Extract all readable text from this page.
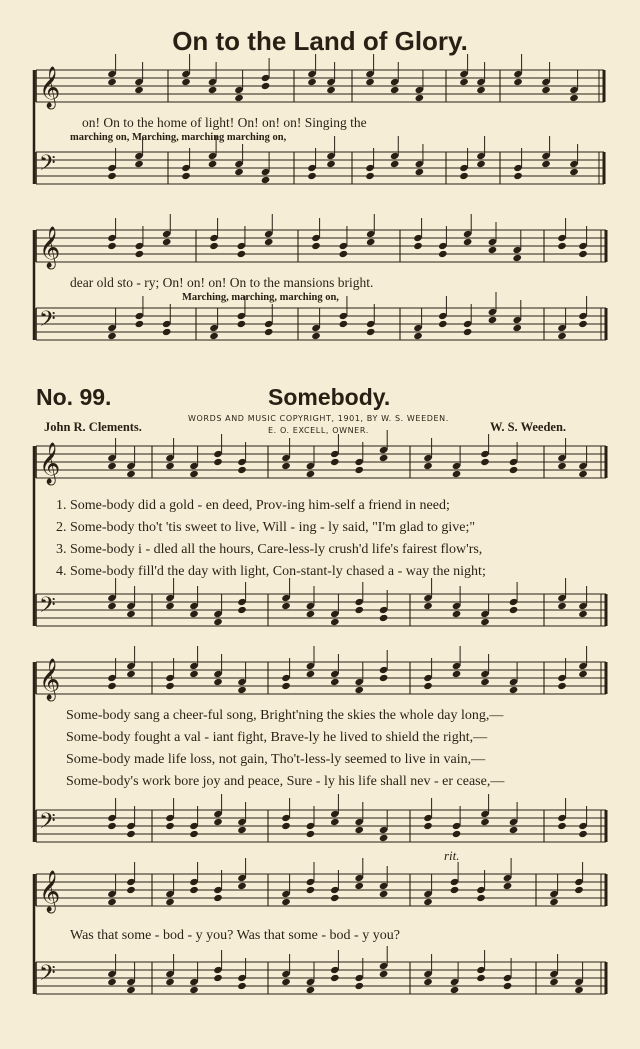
𝄞
𝄢
𝄞
𝄢
𝄞
𝄢
𝄞
𝄢
𝄞
𝄢
On to the Land of Glory.
marching on, Marching, marching marching on,
on! On to the home of light! On! on! on! Singing the
dear old sto - ry; On! on! on! On to the mansions bright.
Marching, marching, marching on,
No. 99.	Somebody.
WORDS AND MUSIC COPYRIGHT, 1901, BY W. S. WEEDEN.
E. O. EXCELL, OWNER.
John R. Clements.	W. S. Weeden.
1. Some-body did a gold - en deed, Prov-ing him-self a friend in need;
2. Some-body tho't 'tis sweet to live, Will - ing - ly said, "I'm glad to give;"
3. Some-body i - dled all the hours, Care-less-ly crush'd life's fairest flow'rs,
4. Some-body fill'd the day with light, Con-stant-ly chased a - way the night;
Some-body sang a cheer-ful song, Bright'ning the skies the whole day long,—
Some-body fought a val - iant fight, Brave-ly he lived to shield the right,—
Some-body made life loss, not gain, Tho't-less-ly seemed to live in vain,—
Some-body's work bore joy and peace, Sure - ly his life shall nev - er cease,—
rit.
Was that some - bod - y you? Was that some - bod - y you?
